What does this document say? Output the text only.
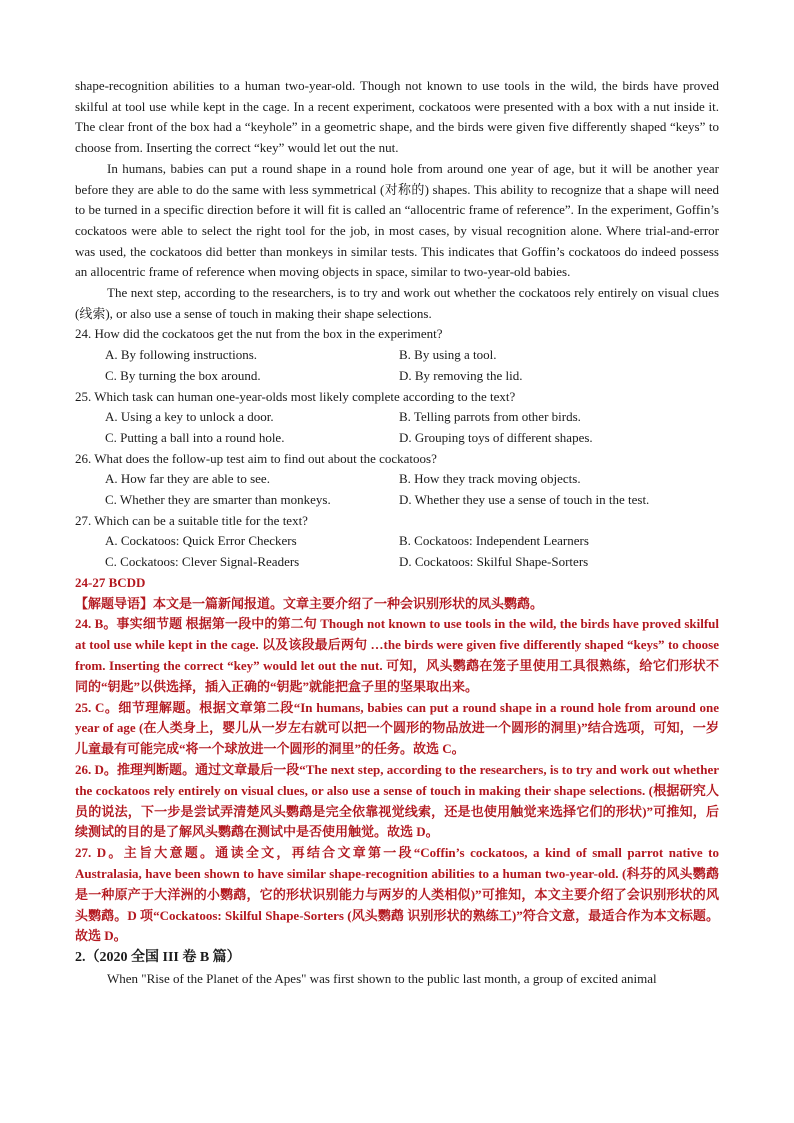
shape-recognition abilities to a human two-year-old. Though not known to use tools in the wild, the birds have proved skilful at tool use while kept in the cage. In a recent experiment, cockatoos were presented with a box with a nut inside it. The clear front of the box had a “keyhole” in a geometric shape, and the birds were given five differently shaped “keys” to choose from. Inserting the correct “key” would let out the nut.

In humans, babies can put a round shape in a round hole from around one year of age, but it will be another year before they are able to do the same with less symmetrical (对称的) shapes. This ability to recognize that a shape will need to be turned in a specific direction before it will fit is called an “allocentric frame of reference”. In the experiment, Goffin’s cockatoos were able to select the right tool for the job, in most cases, by visual recognition alone. Where trial-and-error was used, the cockatoos did better than monkeys in similar tests. This indicates that Goffin’s cockatoos do indeed possess an allocentric frame of reference when moving objects in space, similar to two-year-old babies.

The next step, according to the researchers, is to try and work out whether the cockatoos rely entirely on visual clues (线索), or also use a sense of touch in making their shape selections.

24. How did the cockatoos get the nut from the box in the experiment?
A. By following instructions.	B. By using a tool.
C. By turning the box around.	D. By removing the lid.
25. Which task can human one-year-olds most likely complete according to the text?
A. Using a key to unlock a door.	B. Telling parrots from other birds.
C. Putting a ball into a round hole.	D. Grouping toys of different shapes.
26. What does the follow-up test aim to find out about the cockatoos?
A. How far they are able to see.	B. How they track moving objects.
C. Whether they are smarter than monkeys.	D. Whether they use a sense of touch in the test.
27. Which can be a suitable title for the text?
A. Cockatoos: Quick Error Checkers	B. Cockatoos: Independent Learners
C. Cockatoos: Clever Signal-Readers	D. Cockatoos: Skilful Shape-Sorters
24-27 BCDD
【解题导语】本文是一篇新闻报道。文章主要介绍了一种会识别形状的凤头鹦鹉。
24. B。事实细节题 根据第一段中的第二句 Though not known to use tools in the wild, the birds have proved skilful at tool use while kept in the cage. 以及该段最后两句 …the birds were given five differently shaped “keys” to choose from. Inserting the correct “key” would let out the nut. 可知，风头鹦鹉在笼子里使用工具很熟练，给它们形状不同的“钥匙”以供选择，插入正确的“钥匙”就能把盒子里的坚果取出来。
25. C。细节理解题。根据文章第二段“In humans, babies can put a round shape in a round hole from around one year of age (在人类身上，婴儿从一岁左右就可以把一个圆形的物品放进一个圆形的洞里)”结合选项，可知，一岁儿童最有可能完成“将一个球放进一个圆形的洞里”的任务。故选 C。
26. D。推理判断题。通过文章最后一段“The next step, according to the researchers, is to try and work out whether the cockatoos rely entirely on visual clues, or also use a sense of touch in making their shape selections. (根据研究人员的说法，下一步是尝试弄清楚风头鹦鹉是完全依靠视觉线索，还是也使用触觉来选择它们的形状)”可推知，后续测试的目的是了解风头鹦鹉在测试中是否使用触觉。故选 D。
27. D。主旨大意题。通读全文，再结合文章第一段“Coffin’s cockatoos, a kind of small parrot native to Australasia, have been shown to have similar shape-recognition abilities to a human two-year-old. (科芬的风头鹦鹉是一种原产于大洋洲的小鹦鹉，它的形状识别能力与两岁的人类相似)”可推知，本文主要介绍了会识别形状的风头鹦鹉。D 项“Cockatoos: Skilful Shape-Sorters (风头鹦鹉 识别形状的熟练工)”符合文意，最适合作为本文标题。故选 D。
2.（2020 全国 III 卷 B 篇）

When "Rise of the Planet of the Apes" was first shown to the public last month, a group of excited animal
